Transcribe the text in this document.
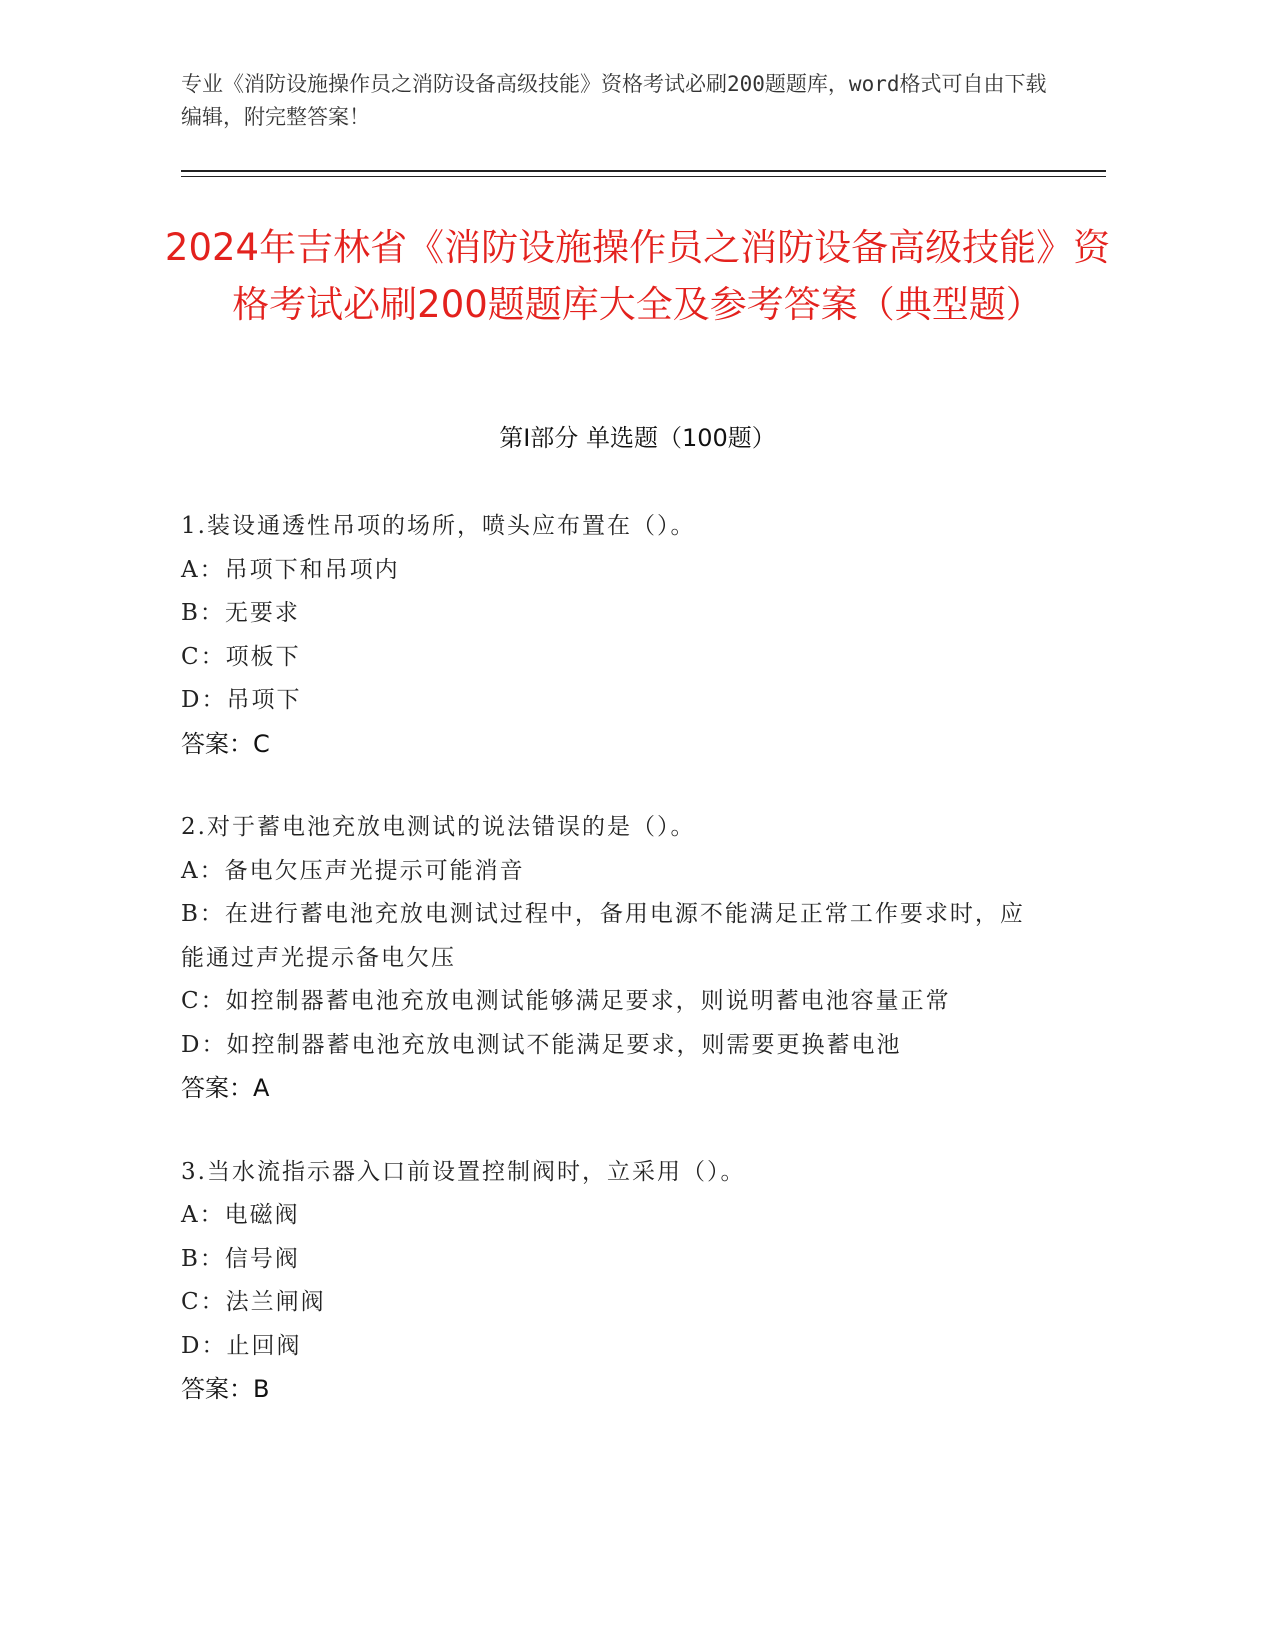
专业《消防设施操作员之消防设备高级技能》资格考试必刷200题题库，word格式可自由下载编辑，附完整答案！
2024年吉林省《消防设施操作员之消防设备高级技能》资格考试必刷200题题库大全及参考答案（典型题）
第Ⅰ部分 单选题（100题）
1.装设通透性吊项的场所，喷头应布置在（）。
A：吊项下和吊项内
B：无要求
C：项板下
D：吊项下
答案：C
2.对于蓄电池充放电测试的说法错误的是（）。
A：备电欠压声光提示可能消音
B：在进行蓄电池充放电测试过程中，备用电源不能满足正常工作要求时，应能通过声光提示备电欠压
C：如控制器蓄电池充放电测试能够满足要求，则说明蓄电池容量正常
D：如控制器蓄电池充放电测试不能满足要求，则需要更换蓄电池
答案：A
3.当水流指示器入口前设置控制阀时，立采用（）。
A：电磁阀
B：信号阀
C：法兰闸阀
D：止回阀
答案：B
